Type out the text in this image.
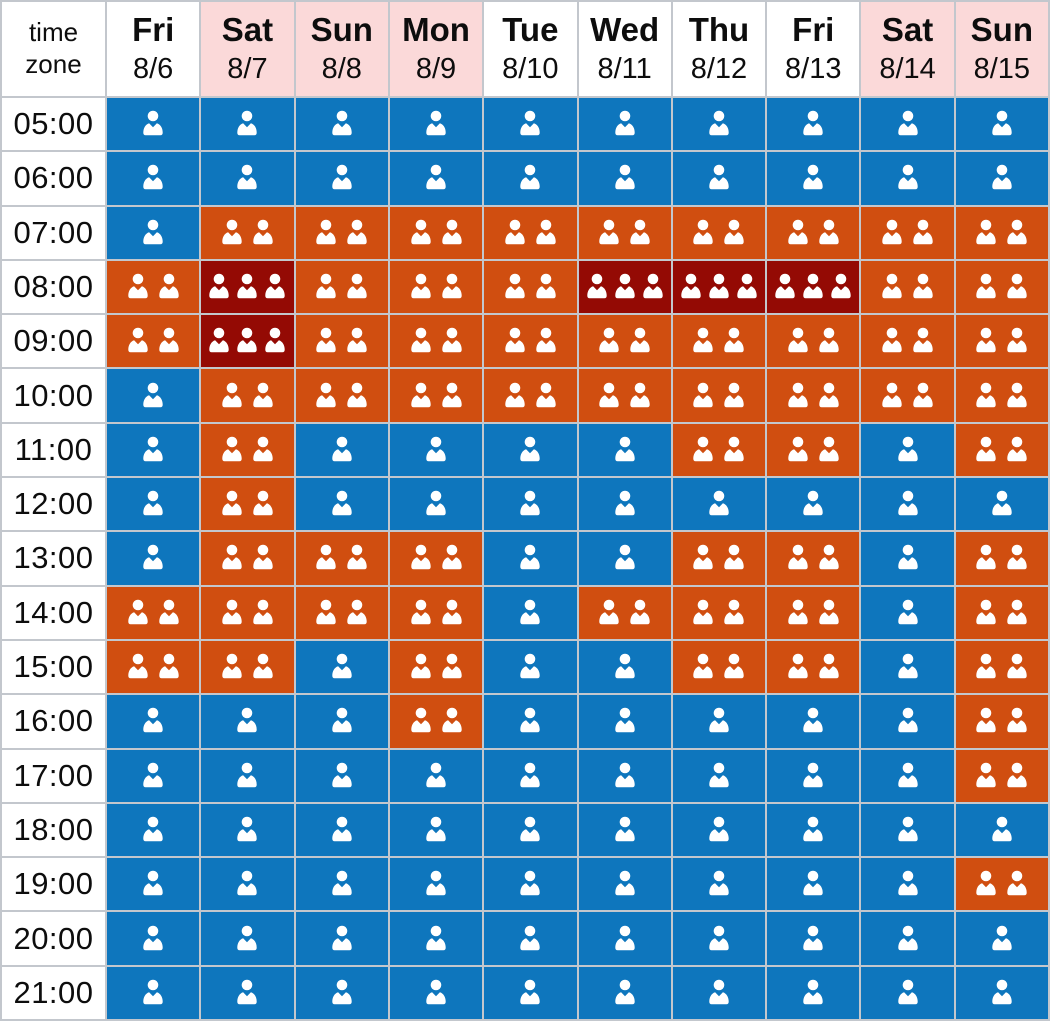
time
zone
Fri
8/6
Sat
8/7
Sun
8/8
Mon
8/9
Tue
8/10
Wed
8/11
Thu
8/12
Fri
8/13
Sat
8/14
Sun
8/15
05:00
06:00
07:00
08:00
09:00
10:00
11:00
12:00
13:00
14:00
15:00
16:00
17:00
18:00
19:00
20:00
21:00
